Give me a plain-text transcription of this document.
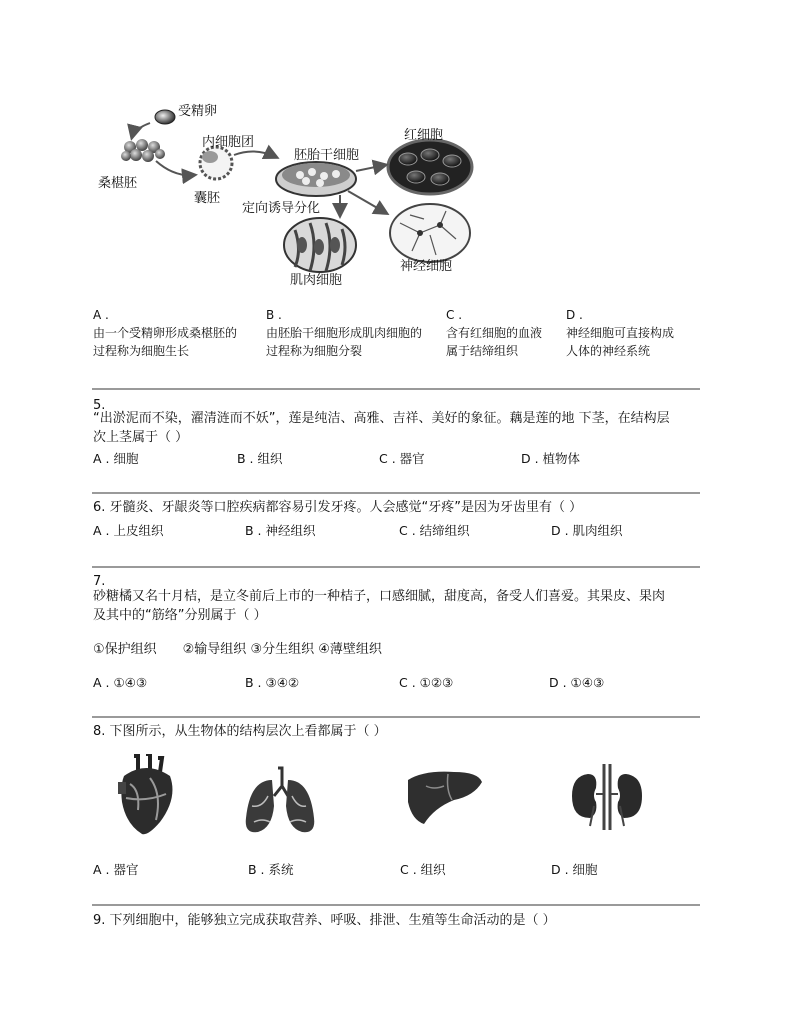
受精卵
桑椹胚
内细胞团
囊胚
胚胎干细胞
定向诱导分化
红细胞
肌肉细胞
神经细胞
A .
由一个受精卵形成桑椹胚的
过程称为细胞生长
B .
由胚胎干细胞形成肌肉细胞的
过程称为细胞分裂
C .
含有红细胞的血液
属于结缔组织
D .
神经细胞可直接构成
人体的神经系统
5.
“出淤泥而不染，濯清涟而不妖”，莲是纯洁、高雅、吉祥、美好的象征。藕是莲的地 下茎，在结构层
次上茎属于（ ）
A . 细胞	B . 组织	C . 器官	D . 植物体
6. 牙髓炎、牙龈炎等口腔疾病都容易引发牙疼。人会感觉“牙疼”是因为牙齿里有（ ）
A . 上皮组织	B . 神经组织	C . 结缔组织	D . 肌肉组织
7.
砂糖橘又名十月桔，是立冬前后上市的一种桔子，口感细腻，甜度高，备受人们喜爱。其果皮、果肉
及其中的“筋络”分别属于（ ）
①保护组织　　②输导组织 ③分生组织 ④薄壁组织
A . ①④③	B . ③④②	C . ①②③	D . ①④③
8. 下图所示，从生物体的结构层次上看都属于（ ）
A . 器官	B . 系统	C . 组织	D . 细胞
9. 下列细胞中，能够独立完成获取营养、呼吸、排泄、生殖等生命活动的是（ ）
